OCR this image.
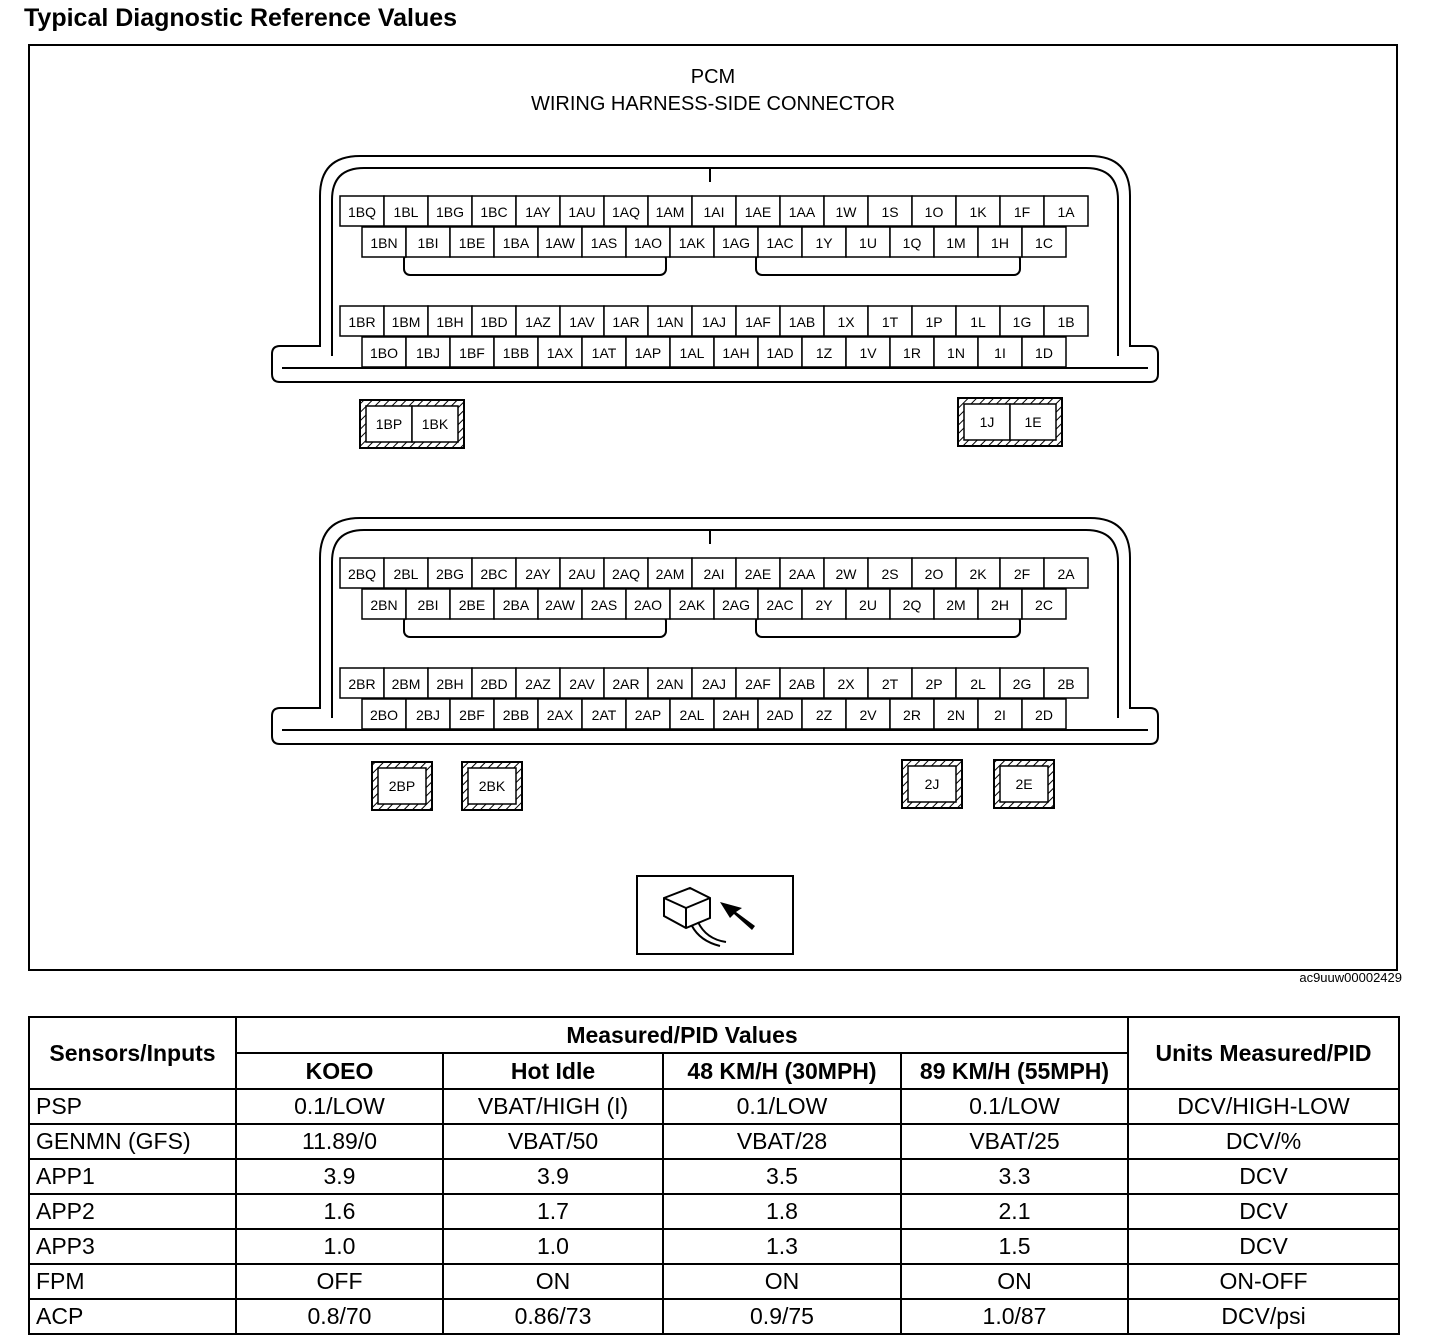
Typical Diagnostic Reference Values
PCM
WIRING HARNESS-SIDE CONNECTOR
1BQ 1BL 1BG 1BC 1AY 1AU 1AQ 1AM 1AI 1AE 1AA 1W 1S 1O 1K 1F 1A
1BN 1BI 1BE 1BA 1AW 1AS 1AO 1AK 1AG 1AC 1Y 1U 1Q 1M 1H 1C
1BR 1BM 1BH 1BD 1AZ 1AV 1AR 1AN 1AJ 1AF 1AB 1X 1T 1P 1L 1G 1B
1BO 1BJ 1BF 1BB 1AX 1AT 1AP 1AL 1AH 1AD 1Z 1V 1R 1N 1I 1D
1BP 1BK	1J 1E
2BQ 2BL 2BG 2BC 2AY 2AU 2AQ 2AM 2AI 2AE 2AA 2W 2S 2O 2K 2F 2A
2BN 2BI 2BE 2BA 2AW 2AS 2AO 2AK 2AG 2AC 2Y 2U 2Q 2M 2H 2C
2BR 2BM 2BH 2BD 2AZ 2AV 2AR 2AN 2AJ 2AF 2AB 2X 2T 2P 2L 2G 2B
2BO 2BJ 2BF 2BB 2AX 2AT 2AP 2AL 2AH 2AD 2Z 2V 2R 2N 2I 2D
2BP	2BK	2J	2E
ac9uuw00002429
Sensors/Inputs	Measured/PID Values				Units Measured/PID
	KOEO	Hot Idle	48 KM/H (30MPH)	89 KM/H (55MPH)	
PSP	0.1/LOW	VBAT/HIGH (I)	0.1/LOW	0.1/LOW	DCV/HIGH-LOW
GENMN (GFS)	11.89/0	VBAT/50	VBAT/28	VBAT/25	DCV/%
APP1	3.9	3.9	3.5	3.3	DCV
APP2	1.6	1.7	1.8	2.1	DCV
APP3	1.0	1.0	1.3	1.5	DCV
FPM	OFF	ON	ON	ON	ON-OFF
ACP	0.8/70	0.86/73	0.9/75	1.0/87	DCV/psi
